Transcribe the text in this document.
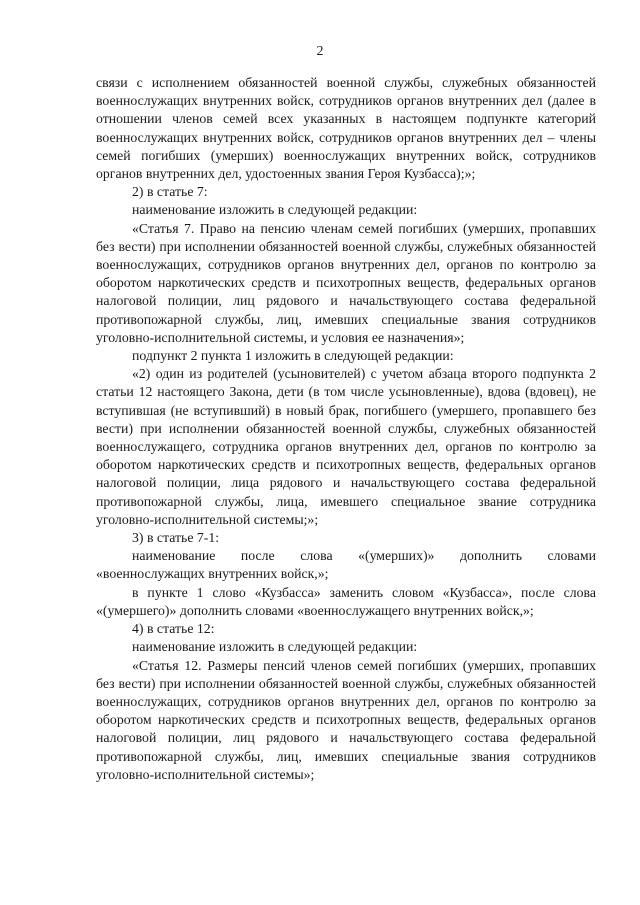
2

связи с исполнением обязанностей военной службы, служебных обязанностей военнослужащих внутренних войск, сотрудников органов внутренних дел (далее в отношении членов семей всех указанных в настоящем подпункте категорий военнослужащих внутренних войск, сотрудников органов внутренних дел – члены семей погибших (умерших) военнослужащих внутренних войск, сотрудников органов внутренних дел, удостоенных звания Героя Кузбасса);»;

2) в статье 7:

наименование изложить в следующей редакции:

«Статья 7. Право на пенсию членам семей погибших (умерших, пропавших без вести) при исполнении обязанностей военной службы, служебных обязанностей военнослужащих, сотрудников органов внутренних дел, органов по контролю за оборотом наркотических средств и психотропных веществ, федеральных органов налоговой полиции, лиц рядового и начальствующего состава федеральной противопожарной службы, лиц, имевших специальные звания сотрудников уголовно-исполнительной системы, и условия ее назначения»;

подпункт 2 пункта 1 изложить в следующей редакции:

«2) один из родителей (усыновителей) с учетом абзаца второго подпункта 2 статьи 12 настоящего Закона, дети (в том числе усыновленные), вдова (вдовец), не вступившая (не вступивший) в новый брак, погибшего (умершего, пропавшего без вести) при исполнении обязанностей военной службы, служебных обязанностей военнослужащего, сотрудника органов внутренних дел, органов по контролю за оборотом наркотических средств и психотропных веществ, федеральных органов налоговой полиции, лица рядового и начальствующего состава федеральной противопожарной службы, лица, имевшего специальное звание сотрудника уголовно-исполнительной системы;»;

3) в статье 7-1:

наименование после слова «(умерших)» дополнить словами «военнослужащих внутренних войск,»;

в пункте 1 слово «Кузбасса» заменить словом «Кузбасса», после слова «(умершего)» дополнить словами «военнослужащего внутренних войск,»;

4) в статье 12:

наименование изложить в следующей редакции:

«Статья 12. Размеры пенсий членов семей погибших (умерших, пропавших без вести) при исполнении обязанностей военной службы, служебных обязанностей военнослужащих, сотрудников органов внутренних дел, органов по контролю за оборотом наркотических средств и психотропных веществ, федеральных органов налоговой полиции, лиц рядового и начальствующего состава федеральной противопожарной службы, лиц, имевших специальные звания сотрудников уголовно-исполнительной системы»;
